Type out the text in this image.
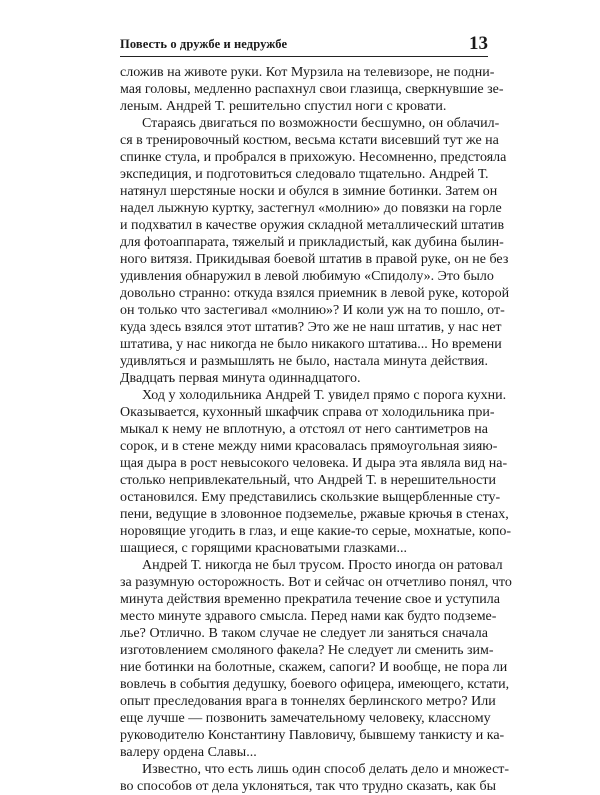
Повесть о дружбе и недружбе	13
сложив на животе руки. Кот Мурзила на телевизоре, не подни-
мая головы, медленно распахнул свои глазища, сверкнувшие зе-
леным. Андрей Т. решительно спустил ноги с кровати.
Стараясь двигаться по возможности бесшумно, он облачил-
ся в тренировочный костюм, весьма кстати висевший тут же на
спинке стула, и пробрался в прихожую. Несомненно, предстояла
экспедиция, и подготовиться следовало тщательно. Андрей Т.
натянул шерстяные носки и обулся в зимние ботинки. Затем он
надел лыжную куртку, застегнул «молнию» до повязки на горле
и подхватил в качестве оружия складной металлический штатив
для фотоаппарата, тяжелый и прикладистый, как дубина былин-
ного витязя. Прикидывая боевой штатив в правой руке, он не без
удивления обнаружил в левой любимую «Спидолу». Это было
довольно странно: откуда взялся приемник в левой руке, которой
он только что застегивал «молнию»? И коли уж на то пошло, от-
куда здесь взялся этот штатив? Это же не наш штатив, у нас нет
штатива, у нас никогда не было никакого штатива... Но времени
удивляться и размышлять не было, настала минута действия.
Двадцать первая минута одиннадцатого.
Ход у холодильника Андрей Т. увидел прямо с порога кухни.
Оказывается, кухонный шкафчик справа от холодильника при-
мыкал к нему не вплотную, а отстоял от него сантиметров на
сорок, и в стене между ними красовалась прямоугольная зияю-
щая дыра в рост невысокого человека. И дыра эта являла вид на-
столько непривлекательный, что Андрей Т. в нерешительности
остановился. Ему представились скользкие выщербленные сту-
пени, ведущие в зловонное подземелье, ржавые крючья в стенах,
норовящие угодить в глаз, и еще какие-то серые, мохнатые, копо-
шащиеся, с горящими красноватыми глазками...
Андрей Т. никогда не был трусом. Просто иногда он ратовал
за разумную осторожность. Вот и сейчас он отчетливо понял, что
минута действия временно прекратила течение свое и уступила
место минуте здравого смысла. Перед нами как будто подземе-
лье? Отлично. В таком случае не следует ли заняться сначала
изготовлением смоляного факела? Не следует ли сменить зим-
ние ботинки на болотные, скажем, сапоги? И вообще, не пора ли
вовлечь в события дедушку, боевого офицера, имеющего, кстати,
опыт преследования врага в тоннелях берлинского метро? Или
еще лучше — позвонить замечательному человеку, классному
руководителю Константину Павловичу, бывшему танкисту и ка-
валеру ордена Славы...
Известно, что есть лишь один способ делать дело и множест-
во способов от дела уклоняться, так что трудно сказать, как бы
